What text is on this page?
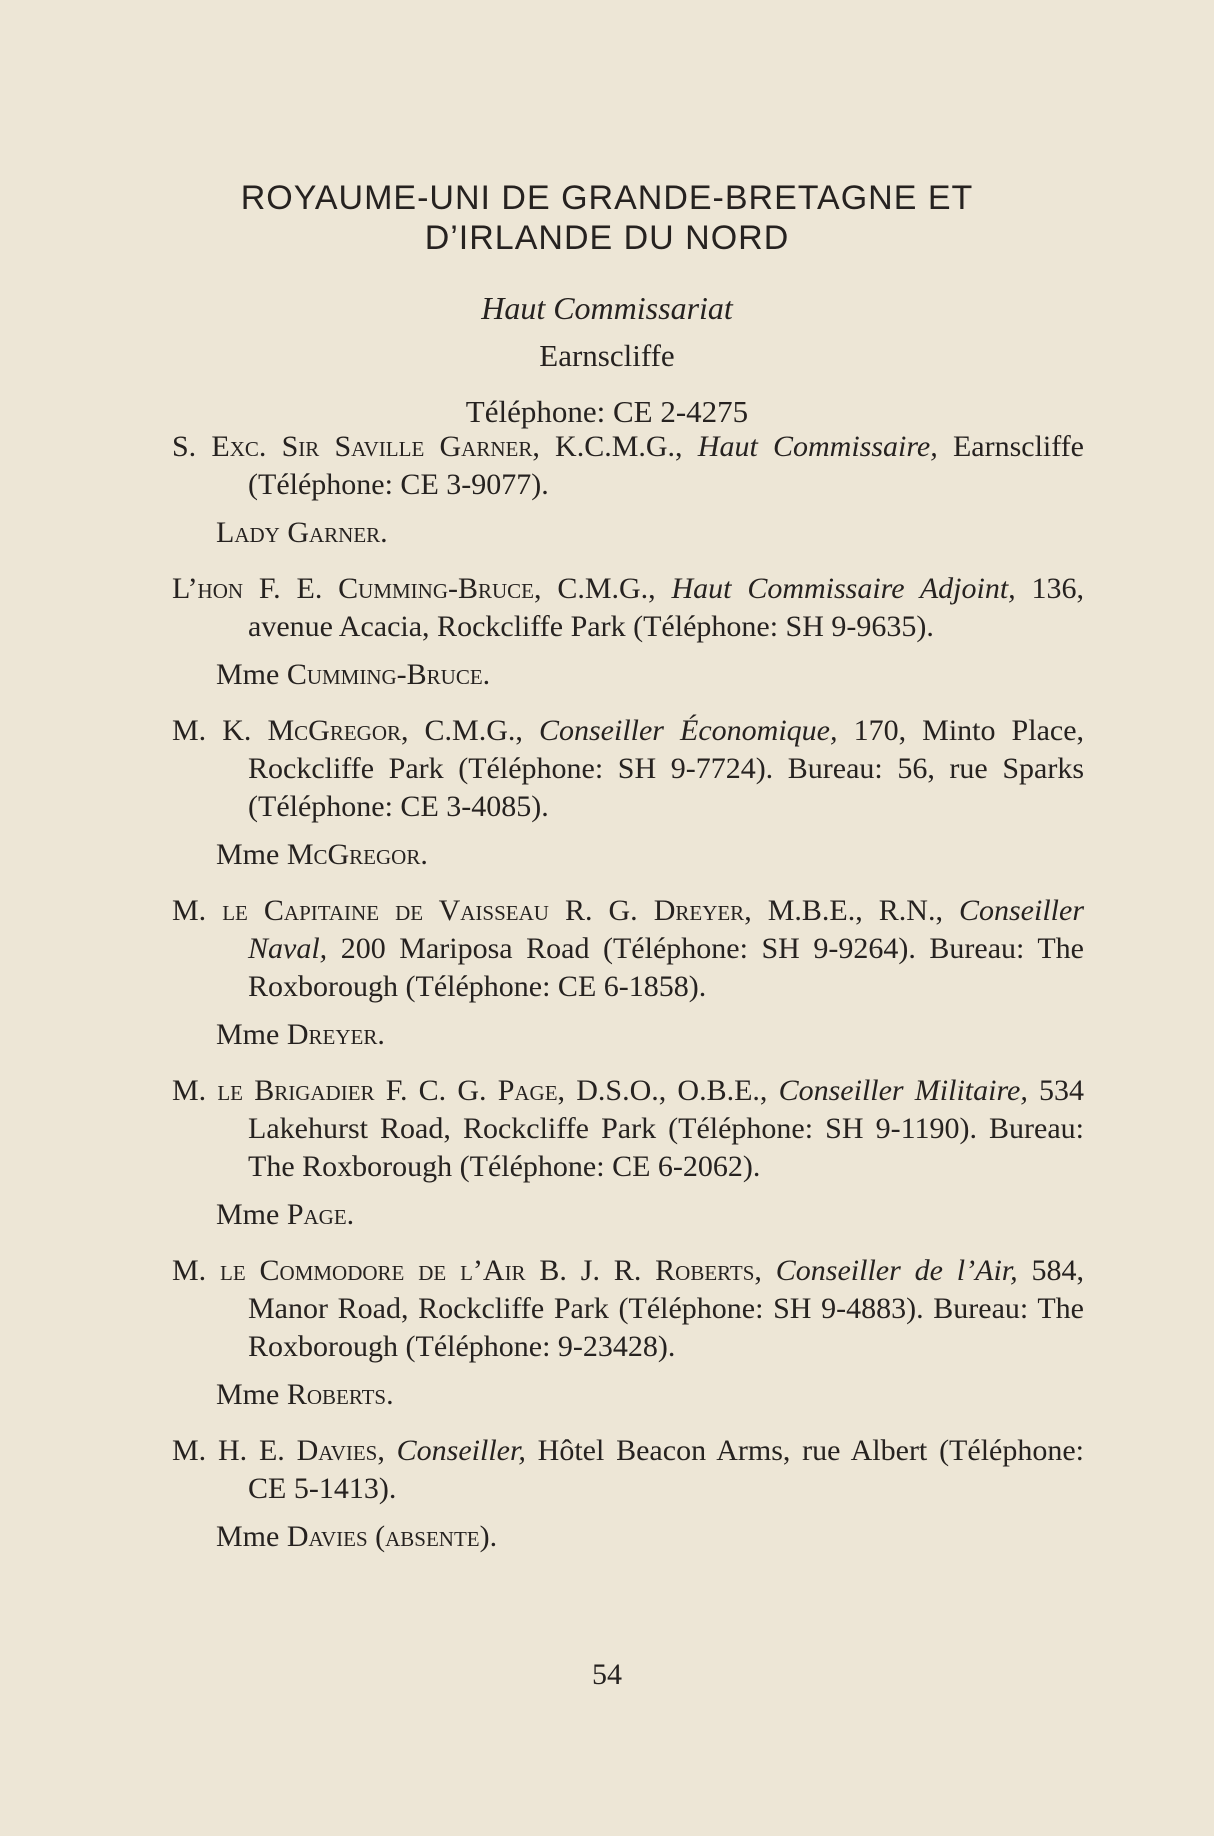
ROYAUME-UNI DE GRANDE-BRETAGNE ET
D’IRLANDE DU NORD
Haut Commissariat
Earnscliffe
Téléphone: CE 2-4275
S. Exc. Sir Saville Garner, K.C.M.G., Haut Commissaire, Earnscliffe (Téléphone: CE 3-9077).
Lady Garner.
L’hon F. E. Cumming-Bruce, C.M.G., Haut Commissaire Adjoint, 136, avenue Acacia, Rockcliffe Park (Téléphone: SH 9-9635).
Mme Cumming-Bruce.
M. K. McGregor, C.M.G., Conseiller Économique, 170, Minto Place, Rockcliffe Park (Téléphone: SH 9-7724). Bureau: 56, rue Sparks (Téléphone: CE 3-4085).
Mme McGregor.
M. le Capitaine de Vaisseau R. G. Dreyer, M.B.E., R.N., Conseiller Naval, 200 Mariposa Road (Téléphone: SH 9-9264). Bureau: The Roxborough (Téléphone: CE 6-1858).
Mme Dreyer.
M. le Brigadier F. C. G. Page, D.S.O., O.B.E., Conseiller Militaire, 534 Lakehurst Road, Rockcliffe Park (Téléphone: SH 9-1190). Bureau: The Roxborough (Téléphone: CE 6-2062).
Mme Page.
M. le Commodore de l’Air B. J. R. Roberts, Conseiller de l’Air, 584, Manor Road, Rockcliffe Park (Téléphone: SH 9-4883). Bureau: The Roxborough (Téléphone: 9-23428).
Mme Roberts.
M. H. E. Davies, Conseiller, Hôtel Beacon Arms, rue Albert (Téléphone: CE 5-1413).
Mme Davies (absente).
54
